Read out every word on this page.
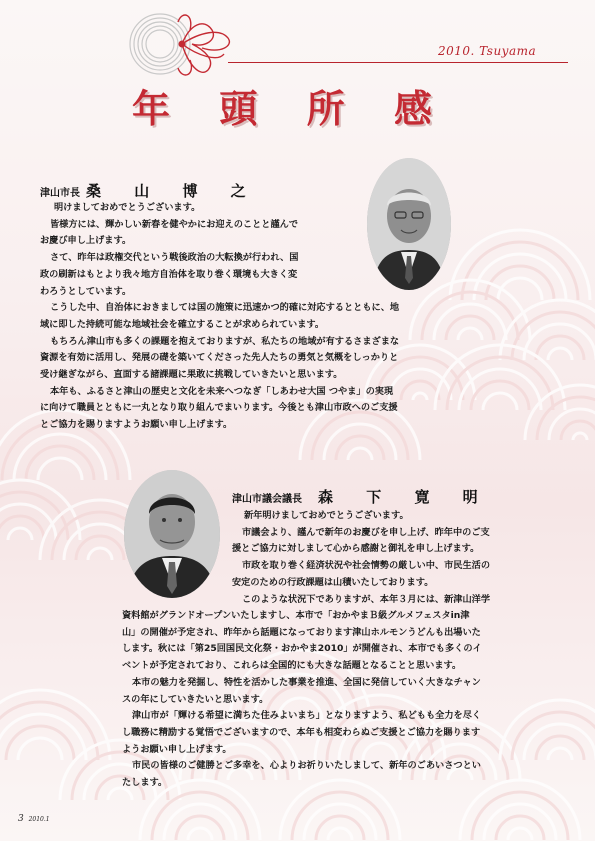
2010. Tsuyama
年 頭 所 感
津山市長 桑 山 博 之

明けましておめでとうございます。

皆様方には、輝かしい新春を健やかにお迎えのことと謹んで

お慶び申し上げます。

さて、昨年は政権交代という戦後政治の大転換が行われ、国

政の刷新はもとより我々地方自治体を取り巻く環境も大きく変

わろうとしています。

こうした中、自治体におきましては国の施策に迅速かつ的確に対応するとともに、地

域に即した持続可能な地域社会を確立することが求められています。

もちろん津山市も多くの課題を抱えておりますが、私たちの地域が有するさまざまな

資源を有効に活用し、発展の礎を築いてくださった先人たちの勇気と気概をしっかりと

受け継ぎながら、直面する諸課題に果敢に挑戦していきたいと思います。

本年も、ふるさと津山の歴史と文化を未来へつなぎ「しあわせ大国 つやま」の実現

に向けて職員とともに一丸となり取り組んでまいります。今後とも津山市政へのご支援

とご協力を賜りますようお願い申し上げます。

津山市議会議長 森 下 寛 明

新年明けましておめでとうございます。

市議会より、謹んで新年のお慶びを申し上げ、昨年中のご支

援とご協力に対しまして心から感謝と御礼を申し上げます。

市政を取り巻く経済状況や社会情勢の厳しい中、市民生活の

安定のための行政課題は山積いたしております。

このような状況下でありますが、本年３月には、新津山洋学

資料館がグランドオープンいたしますし、本市で「おかやまＢ級グルメフェスタin津

山」の開催が予定され、昨年から話題になっております津山ホルモンうどんも出場いた

します。秋には「第25回国民文化祭・おかやま2010」が開催され、本市でも多くのイ

ベントが予定されており、これらは全国的にも大きな話題となることと思います。

本市の魅力を発掘し、特性を活かした事業を推進、全国に発信していく大きなチャン

スの年にしていきたいと思います。

津山市が「輝ける希望に満ちた住みよいまち」となりますよう、私どもも全力を尽く

し職務に精励する覚悟でございますので、本年も相変わらぬご支援とご協力を賜ります

ようお願い申し上げます。

市民の皆様のご健勝とご多幸を、心よりお祈りいたしまして、新年のごあいさつとい

たします。

3 2010.1
